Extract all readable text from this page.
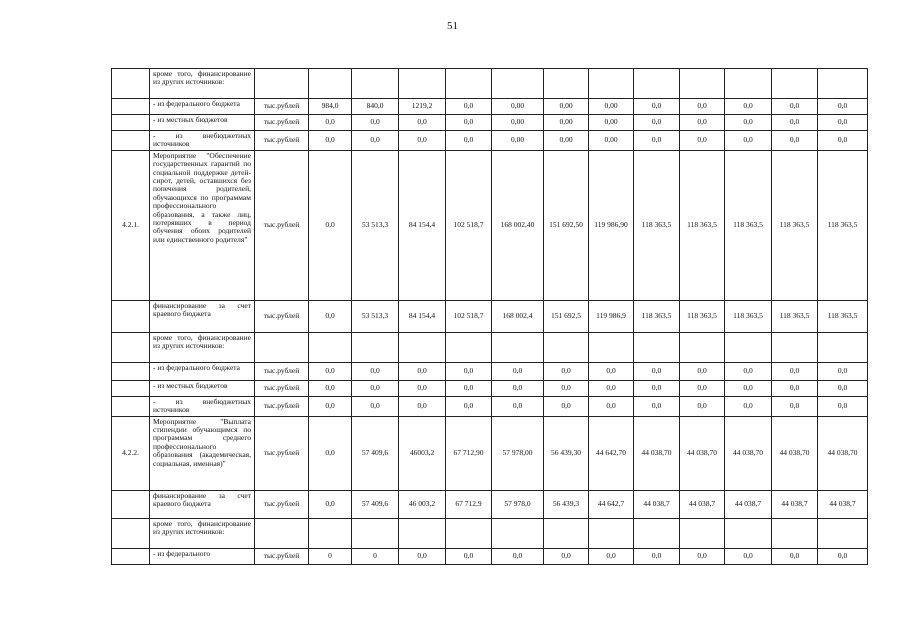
51
	кроме того, финансирование из других источников:													
	- из федерального бюджета	тыс.рублей	984,0	840,0	1219,2	0,0	0,00	0,00	0,00	0,0	0,0	0,0	0,0	0,0
	- из местных бюджетов	тыс.рублей	0,0	0,0	0,0	0,0	0,00	0,00	0,00	0,0	0,0	0,0	0,0	0,0
	- из внебюджетных источников	тыс.рублей	0,0	0,0	0,0	0,0	0,00	0,00	0,00	0,0	0,0	0,0	0,0	0,0
4.2.1.	Мероприятие "Обеспечение государственных гарантий по социальной поддержке детей-сирот, детей, оставшихся без попечения родителей, обучающихся по программам профессионального образования, а также лиц, потерявших в период обучения обоих родителей или единственного родителя"	тыс.рублей	0,0	53 513,3	84 154,4	102 518,7	168 002,40	151 692,50	119 986,90	118 363,5	118 363,5	118 363,5	118 363,5	118 363,5
	финансирование за счет краевого бюджета	тыс.рублей	0,0	53 513,3	84 154,4	102 518,7	168 002,4	151 692,5	119 986,9	118 363,5	118 363,5	118 363,5	118 363,5	118 363,5
	кроме того, финансирование из других источников:													
	- из федерального бюджета	тыс.рублей	0,0	0,0	0,0	0,0	0,0	0,0	0,0	0,0	0,0	0,0	0,0	0,0
	- из местных бюджетов	тыс.рублей	0,0	0,0	0,0	0,0	0,0	0,0	0,0	0,0	0,0	0,0	0,0	0,0
	- из внебюджетных источников	тыс.рублей	0,0	0,0	0,0	0,0	0,0	0,0	0,0	0,0	0,0	0,0	0,0	0,0
4.2.2.	Мероприятие "Выплата стипендии обучающимся по программам среднего профессионального образования (академическая, социальная, именная)"	тыс.рублей	0,0	57 409,6	46003,2	67 712,90	57 978,00	56 439,30	44 642,70	44 038,70	44 038,70	44 038,70	44 038,70	44 038,70
	финансирование за счет краевого бюджета	тыс.рублей	0,0	57 409,6	46 003,2	67 712,9	57 978,0	56 439,3	44 642,7	44 038,7	44 038,7	44 038,7	44 038,7	44 038,7
	кроме того, финансирование из других источников:													
	- из федерального	тыс.рублей	0	0	0,0	0,0	0,0	0,0	0,0	0,0	0,0	0,0	0,0	0,0
